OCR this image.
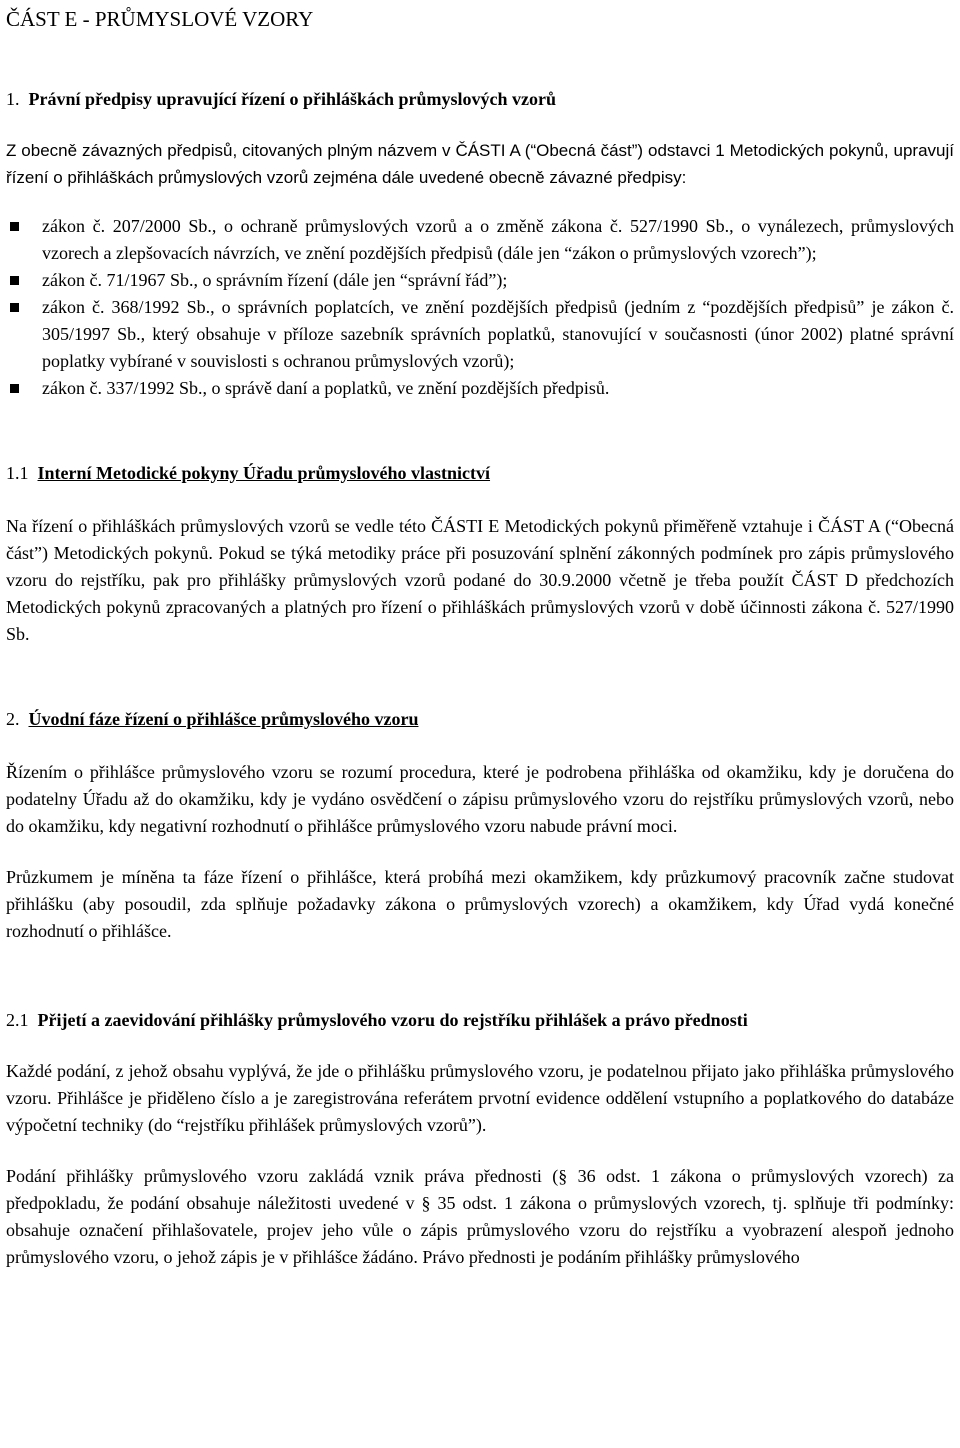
ČÁST E - PRŮMYSLOVÉ VZORY
1. Právní předpisy upravující řízení o přihláškách průmyslových vzorů

Z obecně závazných předpisů, citovaných plným názvem v ČÁSTI A (“Obecná část”) odstavci 1 Metodických pokynů, upravují řízení o přihláškách průmyslových vzorů zejména dále uvedené obecně závazné předpisy:

zákon č. 207/2000 Sb., o ochraně průmyslových vzorů a o změně zákona č. 527/1990 Sb., o vynálezech, průmyslových vzorech a zlepšovacích návrzích, ve znění pozdějších předpisů (dále jen “zákon o průmyslových vzorech”);
zákon č. 71/1967 Sb., o správním řízení (dále jen “správní řád”);
zákon č. 368/1992 Sb., o správních poplatcích, ve znění pozdějších předpisů (jedním z “pozdějších předpisů” je zákon č. 305/1997 Sb., který obsahuje v příloze sazebník správních poplatků, stanovující v současnosti (únor 2002) platné správní poplatky vybírané v souvislosti s ochranou průmyslových vzorů);
zákon č. 337/1992 Sb., o správě daní a poplatků, ve znění pozdějších předpisů.
1.1 Interní Metodické pokyny Úřadu průmyslového vlastnictví

Na řízení o přihláškách průmyslových vzorů se vedle této ČÁSTI E Metodických pokynů přiměřeně vztahuje i ČÁST A (“Obecná část”) Metodických pokynů. Pokud se týká metodiky práce při posuzování splnění zákonných podmínek pro zápis průmyslového vzoru do rejstříku, pak pro přihlášky průmyslových vzorů podané do 30.9.2000 včetně je třeba použít ČÁST D předchozích Metodických pokynů zpracovaných a platných pro řízení o přihláškách průmyslových vzorů v době účinnosti zákona č. 527/1990 Sb.

2. Úvodní fáze řízení o přihlášce průmyslového vzoru

Řízením o přihlášce průmyslového vzoru se rozumí procedura, které je podrobena přihláška od okamžiku, kdy je doručena do podatelny Úřadu až do okamžiku, kdy je vydáno osvědčení o zápisu průmyslového vzoru do rejstříku průmyslových vzorů, nebo do okamžiku, kdy negativní rozhodnutí o přihlášce průmyslového vzoru nabude právní moci.

Průzkumem je míněna ta fáze řízení o přihlášce, která probíhá mezi okamžikem, kdy průzkumový pracovník začne studovat přihlášku (aby posoudil, zda splňuje požadavky zákona o průmyslových vzorech) a okamžikem, kdy Úřad vydá konečné rozhodnutí o přihlášce.

2.1 Přijetí a zaevidování přihlášky průmyslového vzoru do rejstříku přihlášek a právo přednosti

Každé podání, z jehož obsahu vyplývá, že jde o přihlášku průmyslového vzoru, je podatelnou přijato jako přihláška průmyslového vzoru. Přihlášce je přiděleno číslo a je zaregistrována referátem prvotní evidence oddělení vstupního a poplatkového do databáze výpočetní techniky (do “rejstříku přihlášek průmyslových vzorů”).

Podání přihlášky průmyslového vzoru zakládá vznik práva přednosti (§ 36 odst. 1 zákona o průmyslových vzorech) za předpokladu, že podání obsahuje náležitosti uvedené v § 35 odst. 1 zákona o průmyslových vzorech, tj. splňuje tři podmínky: obsahuje označení přihlašovatele, projev jeho vůle o zápis průmyslového vzoru do rejstříku a vyobrazení alespoň jednoho průmyslového vzoru, o jehož zápis je v přihlášce žádáno. Právo přednosti je podáním přihlášky průmyslového
